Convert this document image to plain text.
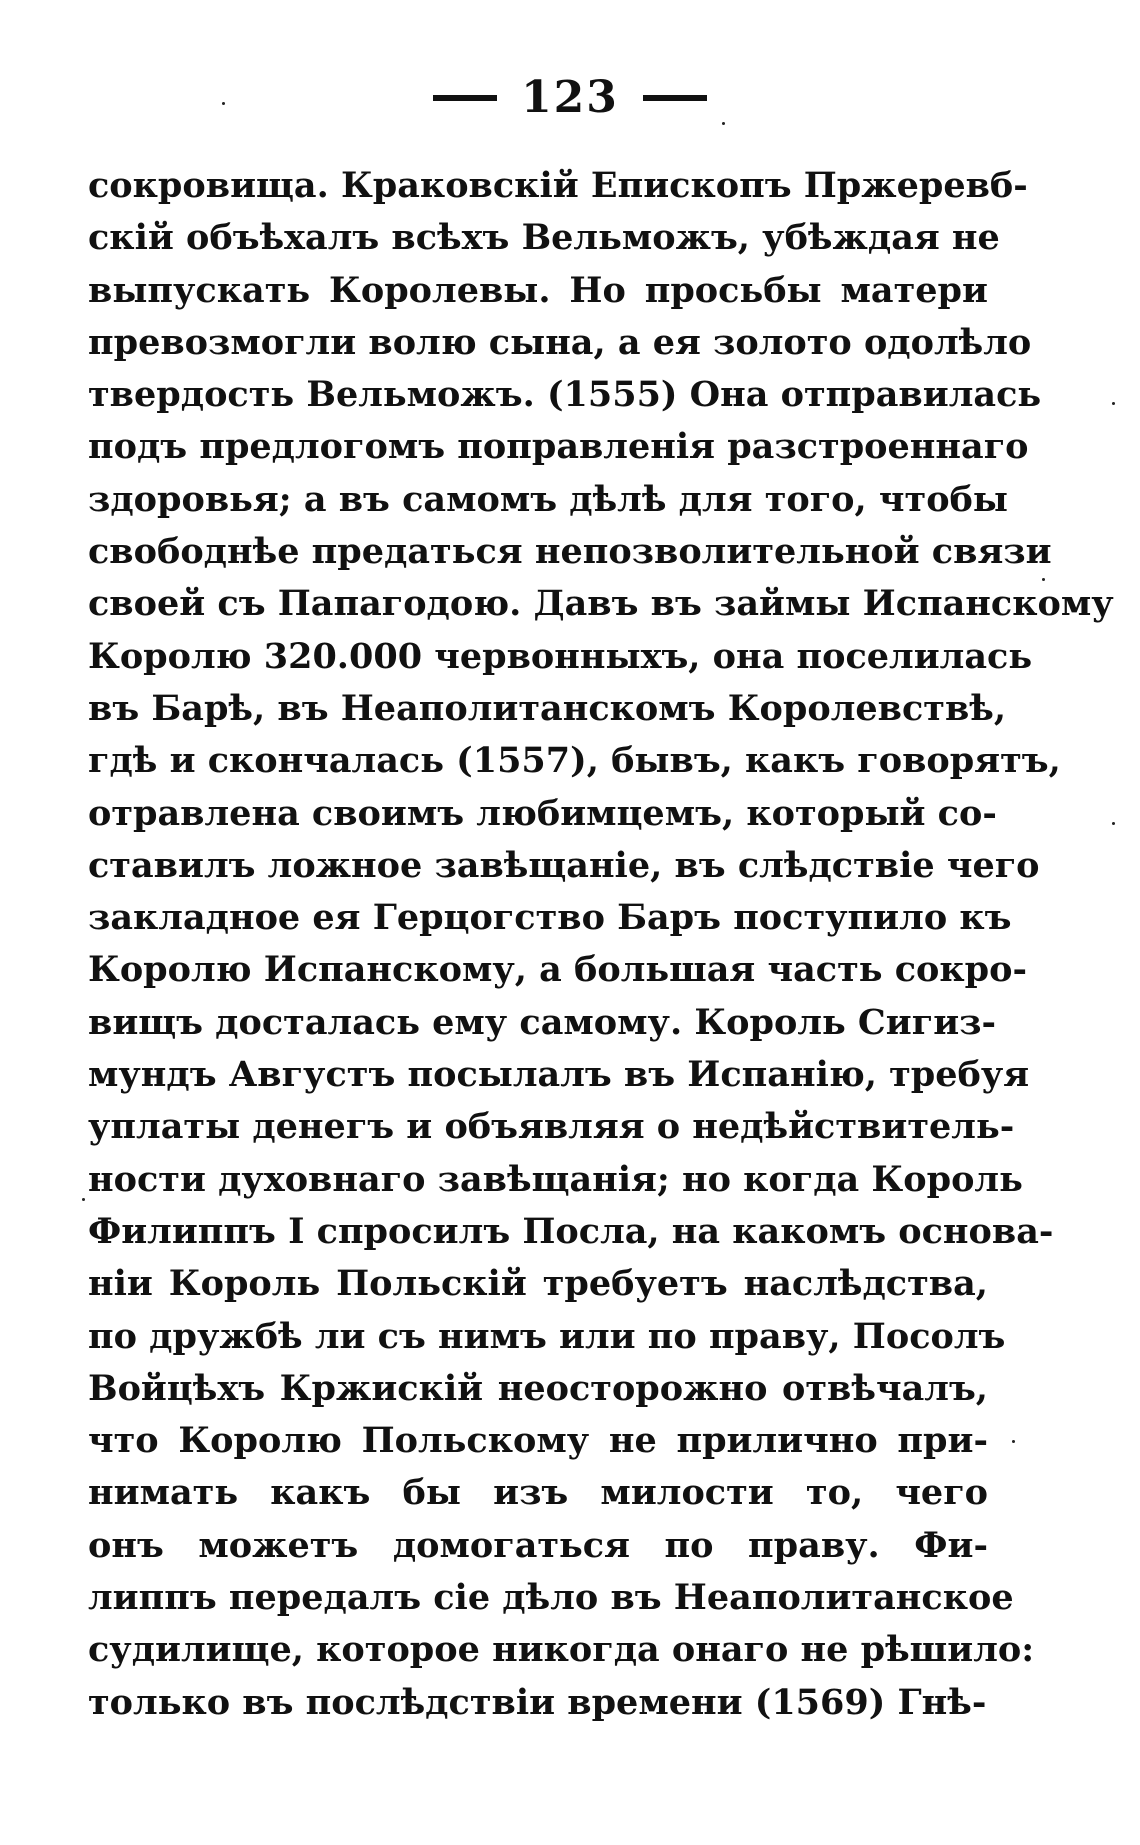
123
сокровища. Краковскій Епископъ Пржеревб-
скій объѣхалъ всѣхъ Вельможъ, убѣждая не
выпускать Королевы. Но просьбы матери
превозмогли волю сына, а ея золото одолѣло
твердость Вельможъ. (1555) Она отправилась
подъ предлогомъ поправленія разстроеннаго
здоровья; а въ самомъ дѣлѣ для того, чтобы
свободнѣе предаться непозволительной связи
своей съ Папагодою. Давъ въ займы Испанскому
Королю 320.000 червонныхъ, она поселилась
въ Барѣ, въ Неаполитанскомъ Королевствѣ,
гдѣ и скончалась (1557), бывъ, какъ говорятъ,
отравлена своимъ любимцемъ, который со-
ставилъ ложное завѣщаніе, въ слѣдствіе чего
закладное ея Герцогство Баръ поступило къ
Королю Испанскому, а большая часть сокро-
вищъ досталась ему самому. Король Сигиз-
мундъ Августъ посылалъ въ Испанію, требуя
уплаты денегъ и объявляя о недѣйствитель-
ности духовнаго завѣщанія; но когда Король
Филиппъ I спросилъ Посла, на какомъ основа-
ніи Король Польскій требуетъ наслѣдства,
по дружбѣ ли съ нимъ или по праву, Посолъ
Войцѣхъ Кржискій неосторожно отвѣчалъ,
что Королю Польскому не прилично при-
нимать какъ бы изъ милости то, чего
онъ можетъ домогаться по праву. Фи-
липпъ передалъ сіе дѣло въ Неаполитанское
судилище, которое никогда онаго не рѣшило:
только въ послѣдствіи времени (1569) Гнѣ-
